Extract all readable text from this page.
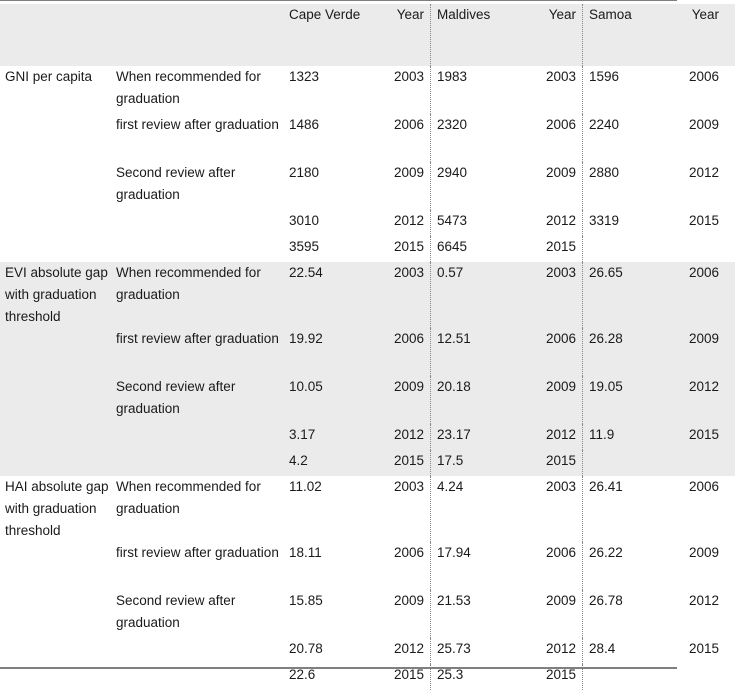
		Cape Verde	Year	Maldives	Year	Samoa	Year
GNI per capita	When recommended for graduation	1323	2003	1983	2003	1596	2006
	first review after graduation	1486	2006	2320	2006	2240	2009
	Second review after graduation	2180	2009	2940	2009	2880	2012
		3010	2012	5473	2012	3319	2015
		3595	2015	6645	2015		
EVI absolute gap with graduation threshold	When recommended for graduation	22.54	2003	0.57	2003	26.65	2006
	first review after graduation	19.92	2006	12.51	2006	26.28	2009
	Second review after graduation	10.05	2009	20.18	2009	19.05	2012
		3.17	2012	23.17	2012	11.9	2015
		4.2	2015	17.5	2015		
HAI absolute gap with graduation threshold	When recommended for graduation	11.02	2003	4.24	2003	26.41	2006
	first review after graduation	18.11	2006	17.94	2006	26.22	2009
	Second review after graduation	15.85	2009	21.53	2009	26.78	2012
		20.78	2012	25.73	2012	28.4	2015
		22.6	2015	25.3	2015		
